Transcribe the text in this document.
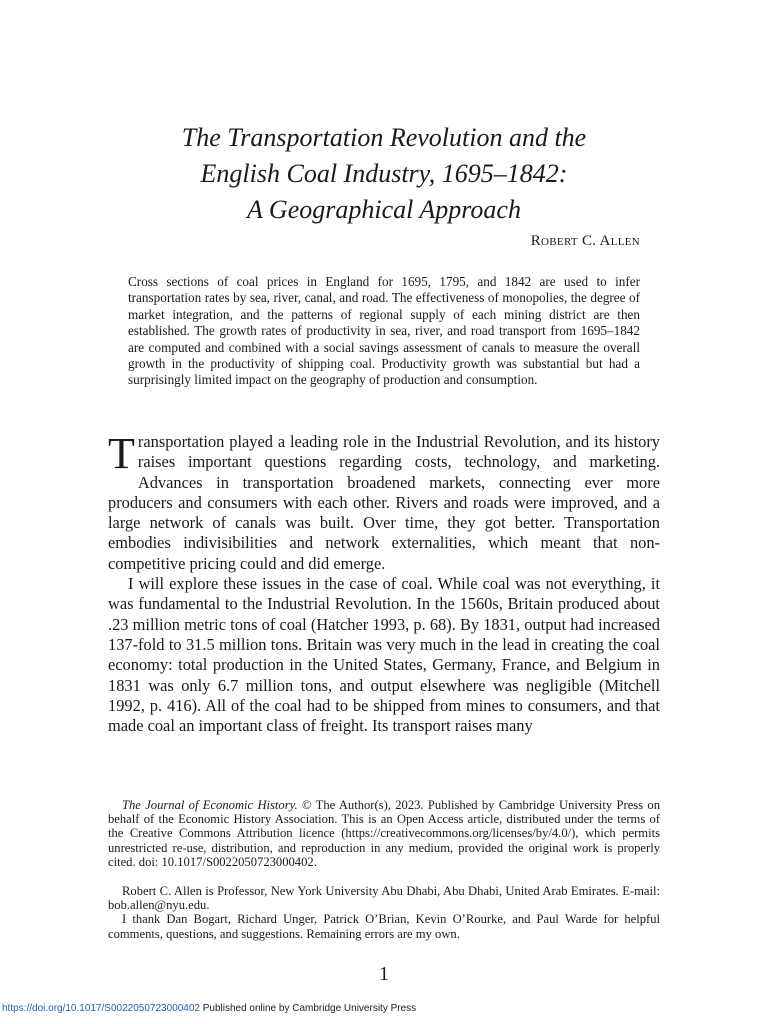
The Transportation Revolution and the
English Coal Industry, 1695–1842:
A Geographical Approach
Robert C. Allen
Cross sections of coal prices in England for 1695, 1795, and 1842 are used to infer transportation rates by sea, river, canal, and road. The effectiveness of monopolies, the degree of market integration, and the patterns of regional supply of each mining district are then established. The growth rates of productivity in sea, river, and road transport from 1695–1842 are computed and combined with a social savings assessment of canals to measure the overall growth in the productivity of shipping coal. Productivity growth was substantial but had a surprisingly limited impact on the geography of production and consumption.

Transportation played a leading role in the Industrial Revolution, and its history raises important questions regarding costs, technology, and marketing. Advances in transportation broadened markets, connecting ever more producers and consumers with each other. Rivers and roads were improved, and a large network of canals was built. Over time, they got better. Transportation embodies indivisibilities and network externalities, which meant that non-competitive pricing could and did emerge.

I will explore these issues in the case of coal. While coal was not everything, it was fundamental to the Industrial Revolution. In the 1560s, Britain produced about .23 million metric tons of coal (Hatcher 1993, p. 68). By 1831, output had increased 137-fold to 31.5 million tons. Britain was very much in the lead in creating the coal economy: total production in the United States, Germany, France, and Belgium in 1831 was only 6.7 million tons, and output elsewhere was negligible (Mitchell 1992, p. 416). All of the coal had to be shipped from mines to consumers, and that made coal an important class of freight. Its transport raises many

The Journal of Economic History. © The Author(s), 2023. Published by Cambridge University Press on behalf of the Economic History Association. This is an Open Access article, distributed under the terms of the Creative Commons Attribution licence (https://creativecommons.org/licenses/by/4.0/), which permits unrestricted re-use, distribution, and reproduction in any medium, provided the original work is properly cited. doi: 10.1017/S0022050723000402.

Robert C. Allen is Professor, New York University Abu Dhabi, Abu Dhabi, United Arab Emirates. E-mail: bob.allen@nyu.edu.

I thank Dan Bogart, Richard Unger, Patrick O’Brian, Kevin O’Rourke, and Paul Warde for helpful comments, questions, and suggestions. Remaining errors are my own.

1
https://doi.org/10.1017/S0022050723000402 Published online by Cambridge University Press
